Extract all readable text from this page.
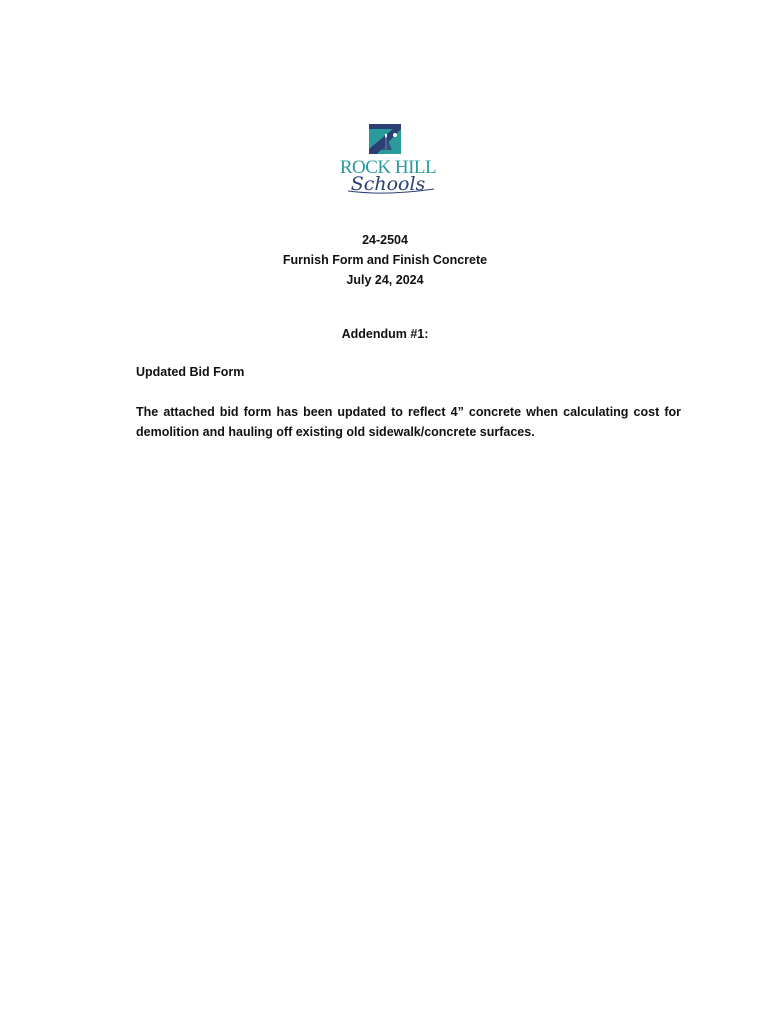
ROCK HILL
Schools
24-2504
Furnish Form and Finish Concrete
July 24, 2024
Addendum #1:
Updated Bid Form
The attached bid form has been updated to reflect 4” concrete when calculating cost for demolition and hauling off existing old sidewalk/concrete surfaces.
